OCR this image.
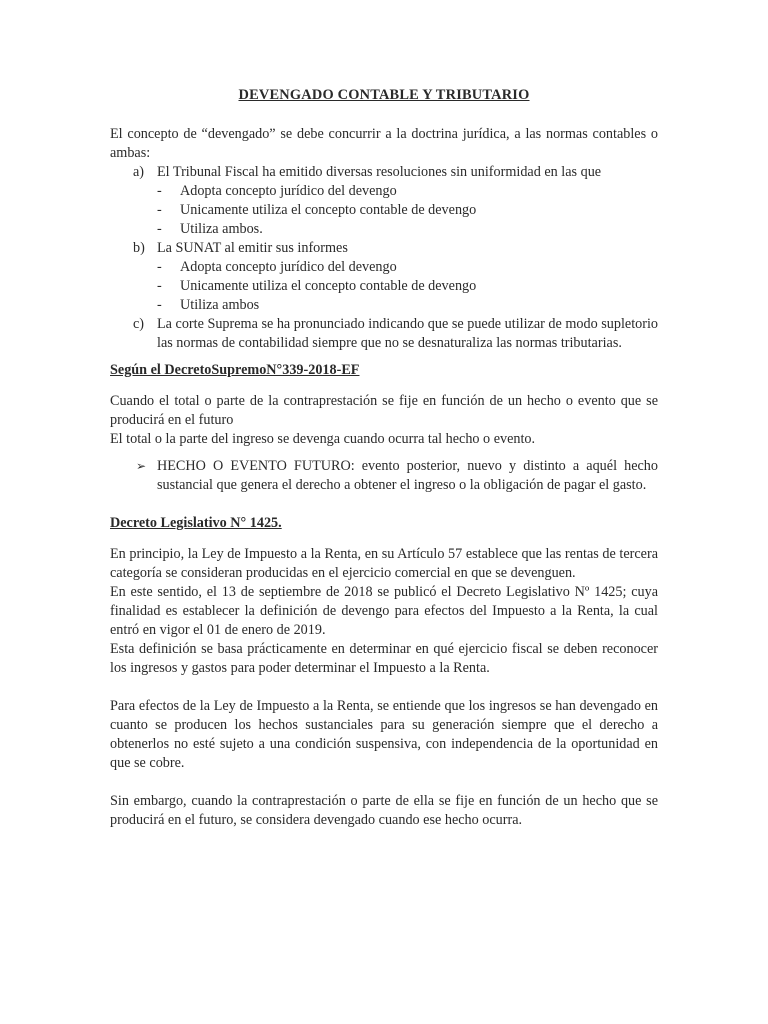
DEVENGADO CONTABLE Y TRIBUTARIO

El concepto de “devengado” se debe concurrir a la doctrina jurídica, a las normas contables o ambas:

a) El Tribunal Fiscal ha emitido diversas resoluciones sin uniformidad en las que
- Adopta concepto jurídico del devengo
- Unicamente utiliza el concepto contable de devengo
- Utiliza ambos.
b) La SUNAT al emitir sus informes
- Adopta concepto jurídico del devengo
- Unicamente utiliza el concepto contable de devengo
- Utiliza ambos
c) La corte Suprema se ha pronunciado indicando que se puede utilizar de modo supletorio las normas de contabilidad siempre que no se desnaturaliza las normas tributarias.

Según el DecretoSupremoN°339-2018-EF

Cuando el total o parte de la contraprestación se fije en función de un hecho o evento que se producirá en el futuro

El total o la parte del ingreso se devenga cuando ocurra tal hecho o evento.

➢ HECHO O EVENTO FUTURO: evento posterior, nuevo y distinto a aquél hecho sustancial que genera el derecho a obtener el ingreso o la obligación de pagar el gasto.

Decreto Legislativo N° 1425.

En principio, la Ley de Impuesto a la Renta, en su Artículo 57 establece que las rentas de tercera categoría se consideran producidas en el ejercicio comercial en que se devenguen.

En este sentido, el 13 de septiembre de 2018 se publicó el Decreto Legislativo Nº 1425; cuya finalidad es establecer la definición de devengo para efectos del Impuesto a la Renta, la cual entró en vigor el 01 de enero de 2019.

Esta definición se basa prácticamente en determinar en qué ejercicio fiscal se deben reconocer los ingresos y gastos para poder determinar el Impuesto a la Renta.

Para efectos de la Ley de Impuesto a la Renta, se entiende que los ingresos se han devengado en cuanto se producen los hechos sustanciales para su generación siempre que el derecho a obtenerlos no esté sujeto a una condición suspensiva, con independencia de la oportunidad en que se cobre.

Sin embargo, cuando la contraprestación o parte de ella se fije en función de un hecho que se producirá en el futuro, se considera devengado cuando ese hecho ocurra.
